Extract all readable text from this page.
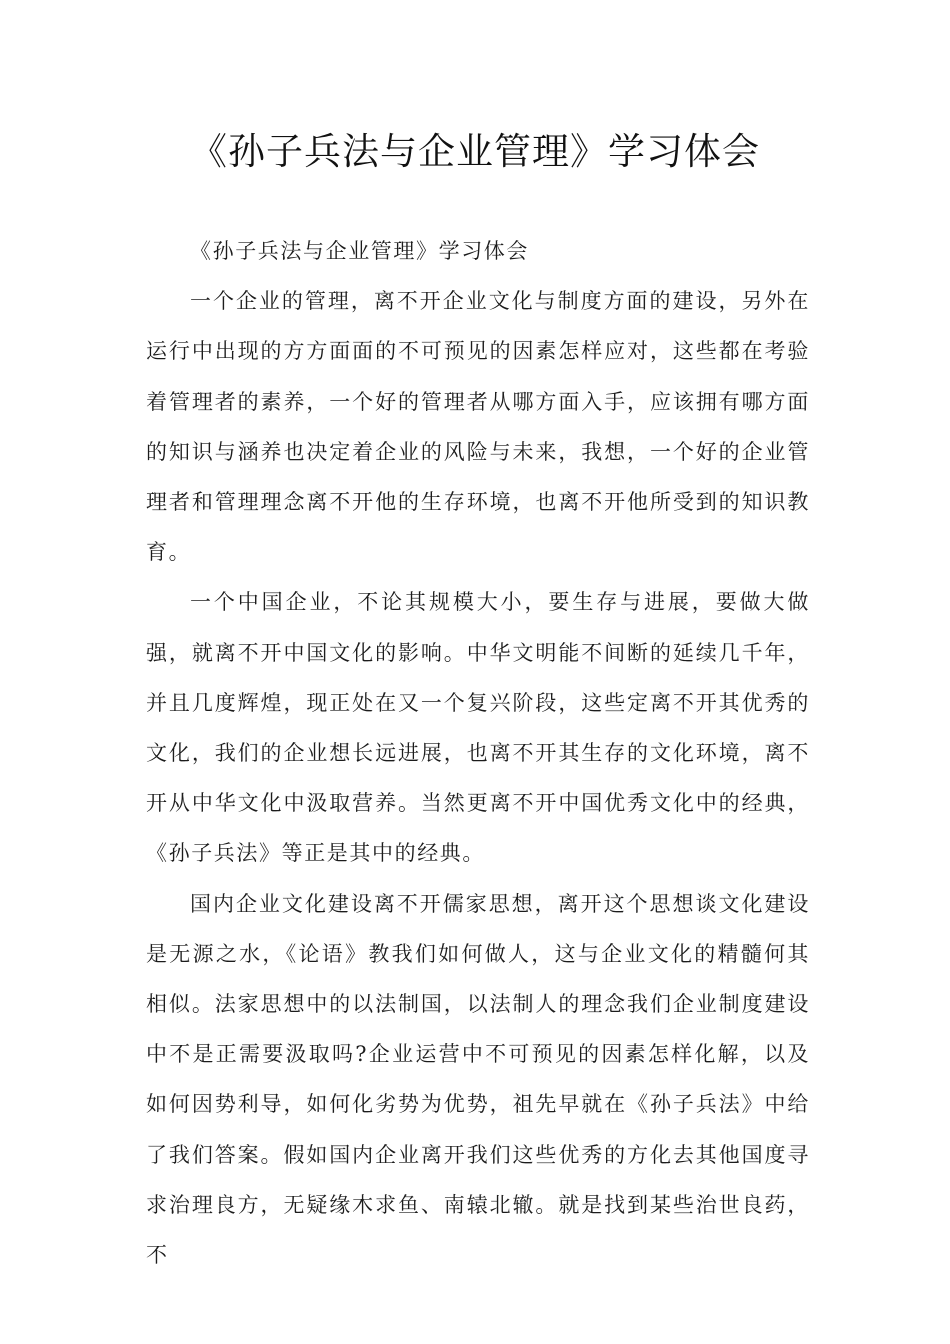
《孙子兵法与企业管理》学习体会

《孙子兵法与企业管理》学习体会

一个企业的管理，离不开企业文化与制度方面的建设，另外在运行中出现的方方面面的不可预见的因素怎样应对，这些都在考验着管理者的素养，一个好的管理者从哪方面入手，应该拥有哪方面的知识与涵养也决定着企业的风险与未来，我想，一个好的企业管理者和管理理念离不开他的生存环境，也离不开他所受到的知识教育。

一个中国企业，不论其规模大小，要生存与进展，要做大做强，就离不开中国文化的影响。中华文明能不间断的延续几千年，并且几度辉煌，现正处在又一个复兴阶段，这些定离不开其优秀的文化，我们的企业想长远进展，也离不开其生存的文化环境，离不开从中华文化中汲取营养。当然更离不开中国优秀文化中的经典，《孙子兵法》等正是其中的经典。

国内企业文化建设离不开儒家思想，离开这个思想谈文化建设是无源之水，《论语》教我们如何做人，这与企业文化的精髓何其相似。法家思想中的以法制国，以法制人的理念我们企业制度建设中不是正需要汲取吗?企业运营中不可预见的因素怎样化解，以及如何因势利导，如何化劣势为优势，祖先早就在《孙子兵法》中给了我们答案。假如国内企业离开我们这些优秀的方化去其他国度寻求治理良方，无疑缘木求鱼、南辕北辙。就是找到某些治世良药，不
